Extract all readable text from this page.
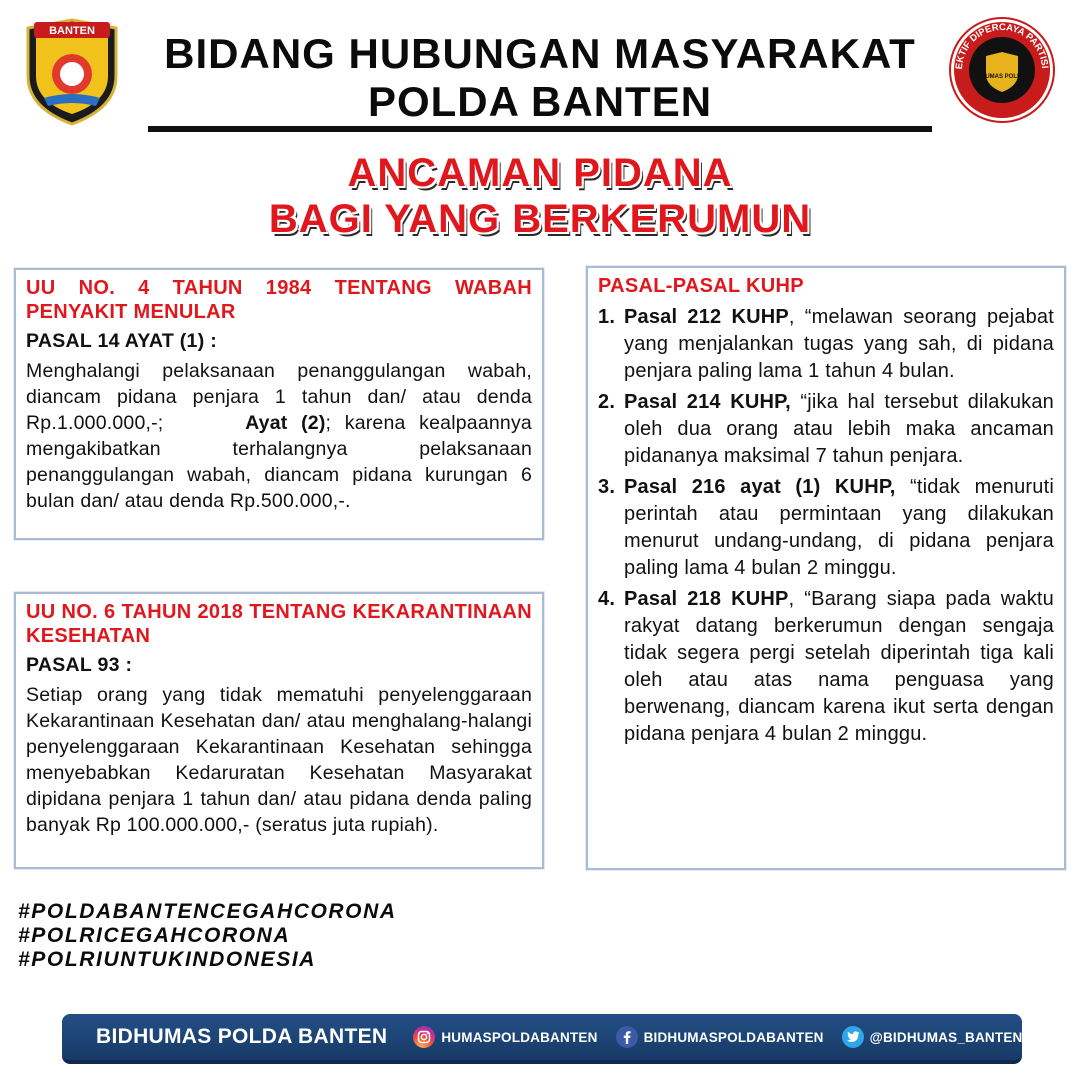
BANTEN	BIDANG HUBUNGAN MASYARAKAT
POLDA BANTEN
EKTIF DIPERCAYA PARTISI
HUMAS POLRI
ANCAMAN PIDANA
BAGI YANG BERKERUMUN
UU NO. 4 TAHUN 1984 TENTANG WABAH PENYAKIT MENULAR
PASAL 14 AYAT (1) :
Menghalangi pelaksanaan penanggulangan wabah, diancam pidana penjara 1 tahun dan/ atau denda Rp.1.000.000,-;	Ayat (2); karena kealpaannya mengakibatkan terhalangnya pelaksanaan penanggulangan wabah, diancam pidana kurungan 6 bulan dan/ atau denda Rp.500.000,-.
UU NO. 6 TAHUN 2018 TENTANG KEKARANTINAAN KESEHATAN
PASAL 93 :
Setiap orang yang tidak mematuhi penyelenggaraan Kekarantinaan Kesehatan dan/ atau menghalang-halangi penyelenggaraan Kekarantinaan Kesehatan sehingga menyebabkan Kedaruratan Kesehatan Masyarakat dipidana penjara 1 tahun dan/ atau pidana denda paling banyak Rp 100.000.000,- (seratus juta rupiah).
PASAL-PASAL KUHP
1. Pasal 212 KUHP, “melawan seorang pejabat yang menjalankan tugas yang sah, di pidana penjara paling lama 1 tahun 4 bulan.
2. Pasal 214 KUHP, “jika hal tersebut dilakukan oleh dua orang atau lebih maka ancaman pidananya maksimal 7 tahun penjara.
3. Pasal 216 ayat (1) KUHP, “tidak menuruti perintah atau permintaan yang dilakukan menurut undang-undang, di pidana penjara paling lama 4 bulan 2 minggu.
4. Pasal 218 KUHP, “Barang siapa pada waktu rakyat datang berkerumun dengan sengaja tidak segera pergi setelah diperintah tiga kali oleh atau atas nama penguasa yang berwenang, diancam karena ikut serta dengan pidana penjara 4 bulan 2 minggu.
#POLDABANTENCEGAHCORONA
#POLRICEGAHCORONA
#POLRIUNTUKINDONESIA
BIDHUMAS POLDA BANTEN	HUMASPOLDABANTEN	BIDHUMASPOLDABANTEN	@BIDHUMAS_BANTEN
